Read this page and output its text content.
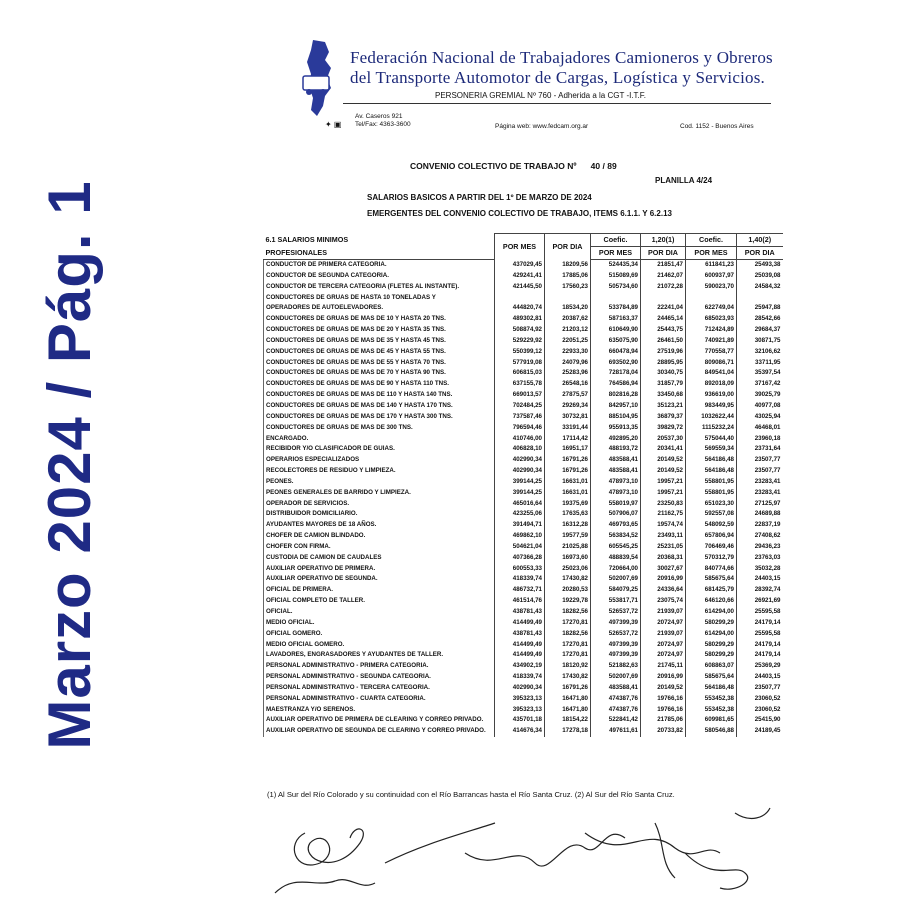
Marzo 2024 / Pág. 1
Federación Nacional de Trabajadores Camioneros y Obreros
del Transporte Automotor de Cargas, Logística y Servicios.
PERSONERIA GREMIAL Nº 760 - Adherida a la CGT -I.T.F.
✦ ▣
Av. Caseros 921
Tel/Fax: 4363-3600	Página web: www.fedcam.org.ar	Cod. 1152 - Buenos Aires
CONVENIO COLECTIVO DE TRABAJO Nº      40 / 89
PLANILLA 4/24
SALARIOS BASICOS A PARTIR DEL 1º DE MARZO DE 2024
EMERGENTES DEL CONVENIO COLECTIVO DE TRABAJO, ITEMS 6.1.1. Y 6.2.13
6.1 SALARIOS MINIMOS	POR MES	POR DIA	Coefic.	1,20(1)	Coefic.	1,40(2)
PROFESIONALES			POR MES	POR DIA	POR MES	POR DIA
CONDUCTOR DE PRIMERA CATEGORIA.	437029,45	18209,56	524435,34	21851,47	611841,23	25493,38
CONDUCTOR DE SEGUNDA CATEGORIA.	429241,41	17885,06	515089,69	21462,07	600937,97	25039,08
CONDUCTOR DE TERCERA CATEGORIA (FLETES AL INSTANTE).	421445,50	17560,23	505734,60	21072,28	590023,70	24584,32
CONDUCTORES DE GRUAS DE HASTA 10 TONELADAS Y						
OPERADORES DE AUTOELEVADORES.	444820,74	18534,20	533784,89	22241,04	622749,04	25947,88
CONDUCTORES DE GRUAS DE MAS DE 10 Y HASTA 20 TNS.	489302,81	20387,62	587163,37	24465,14	685023,93	28542,66
CONDUCTORES DE GRUAS DE MAS DE 20 Y HASTA 35 TNS.	508874,92	21203,12	610649,90	25443,75	712424,89	29684,37
CONDUCTORES DE GRUAS DE MAS DE 35 Y HASTA 45 TNS.	529229,92	22051,25	635075,90	26461,50	740921,89	30871,75
CONDUCTORES DE GRUAS DE MAS DE 45 Y HASTA 55 TNS.	550399,12	22933,30	660478,94	27519,96	770558,77	32106,62
CONDUCTORES DE GRUAS DE MAS DE 55 Y HASTA 70 TNS.	577919,08	24079,96	693502,90	28895,95	809086,71	33711,95
CONDUCTORES DE GRUAS DE MAS DE 70 Y HASTA 90 TNS.	606815,03	25283,96	728178,04	30340,75	849541,04	35397,54
CONDUCTORES DE GRUAS DE MAS DE 90 Y HASTA 110 TNS.	637155,78	26548,16	764586,94	31857,79	892018,09	37167,42
CONDUCTORES DE GRUAS DE MAS DE 110 Y HASTA 140 TNS.	669013,57	27875,57	802816,28	33450,68	936619,00	39025,79
CONDUCTORES DE GRUAS DE MAS DE 140 Y HASTA 170 TNS.	702484,25	29269,34	842957,10	35123,21	983449,95	40977,08
CONDUCTORES DE GRUAS DE MAS DE 170 Y HASTA 300 TNS.	737587,46	30732,81	885104,95	36879,37	1032622,44	43025,94
CONDUCTORES DE GRUAS DE MAS DE 300 TNS.	796594,46	33191,44	955913,35	39829,72	1115232,24	46468,01
ENCARGADO.	410746,00	17114,42	492895,20	20537,30	575044,40	23960,18
RECIBIDOR Y/O CLASIFICADOR DE GUIAS.	406828,10	16951,17	488193,72	20341,41	569559,34	23731,64
OPERARIOS ESPECIALIZADOS	402990,34	16791,26	483588,41	20149,52	564186,48	23507,77
RECOLECTORES DE RESIDUO Y LIMPIEZA.	402990,34	16791,26	483588,41	20149,52	564186,48	23507,77
PEONES.	399144,25	16631,01	478973,10	19957,21	558801,95	23283,41
PEONES GENERALES DE BARRIDO Y LIMPIEZA.	399144,25	16631,01	478973,10	19957,21	558801,95	23283,41
OPERADOR DE SERVICIOS.	465016,64	19375,69	558019,97	23250,83	651023,30	27125,97
DISTRIBUIDOR DOMICILIARIO.	423255,06	17635,63	507906,07	21162,75	592557,08	24689,88
AYUDANTES MAYORES DE 18 AÑOS.	391494,71	16312,28	469793,65	19574,74	548092,59	22837,19
CHOFER DE CAMION BLINDADO.	469862,10	19577,59	563834,52	23493,11	657806,94	27408,62
CHOFER CON FIRMA.	504621,04	21025,88	605545,25	25231,05	706469,46	29436,23
CUSTODIA DE CAMION DE CAUDALES	407366,28	16973,60	488839,54	20368,31	570312,79	23763,03
AUXILIAR OPERATIVO DE PRIMERA.	600553,33	25023,06	720664,00	30027,67	840774,66	35032,28
AUXILIAR OPERATIVO DE SEGUNDA.	418339,74	17430,82	502007,69	20916,99	585675,64	24403,15
OFICIAL DE PRIMERA.	486732,71	20280,53	584079,25	24336,64	681425,79	28392,74
OFICIAL COMPLETO DE TALLER.	461514,76	19229,78	553817,71	23075,74	646120,66	26921,69
OFICIAL.	438781,43	18282,56	526537,72	21939,07	614294,00	25595,58
MEDIO OFICIAL.	414499,49	17270,81	497399,39	20724,97	580299,29	24179,14
OFICIAL GOMERO.	438781,43	18282,56	526537,72	21939,07	614294,00	25595,58
MEDIO OFICIAL GOMERO.	414499,49	17270,81	497399,39	20724,97	580299,29	24179,14
LAVADORES, ENGRASADORES Y AYUDANTES DE TALLER.	414499,49	17270,81	497399,39	20724,97	580299,29	24179,14
PERSONAL ADMINISTRATIVO - PRIMERA CATEGORIA.	434902,19	18120,92	521882,63	21745,11	608863,07	25369,29
PERSONAL ADMINISTRATIVO - SEGUNDA CATEGORIA.	418339,74	17430,82	502007,69	20916,99	585675,64	24403,15
PERSONAL ADMINISTRATIVO - TERCERA CATEGORIA.	402990,34	16791,26	483588,41	20149,52	564186,48	23507,77
PERSONAL ADMINISTRATIVO - CUARTA CATEGORIA.	395323,13	16471,80	474387,76	19766,16	553452,38	23060,52
MAESTRANZA Y/O SERENOS.	395323,13	16471,80	474387,76	19766,16	553452,38	23060,52
AUXILIAR OPERATIVO DE PRIMERA DE CLEARING Y CORREO PRIVADO.	435701,18	18154,22	522841,42	21785,06	609981,65	25415,90
AUXILIAR OPERATIVO DE SEGUNDA DE CLEARING Y CORREO PRIVADO.	414676,34	17278,18	497611,61	20733,82	580546,88	24189,45
(1) Al Sur del Río Colorado y su continuidad con el Río Barrancas hasta el Río Santa Cruz. (2) Al Sur del Río Santa Cruz.
